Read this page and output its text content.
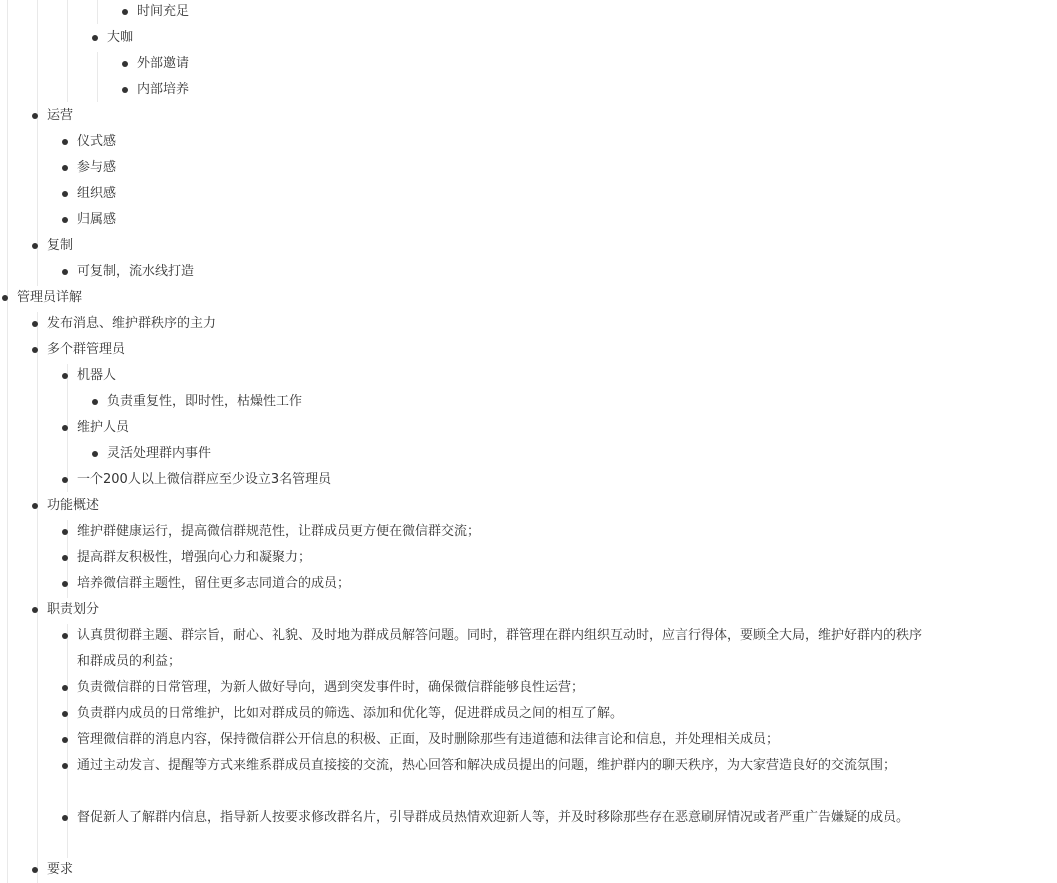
时间充足
大咖
外部邀请
内部培养
运营
仪式感
参与感
组织感
归属感
复制
可复制，流水线打造
管理员详解
发布消息、维护群秩序的主力
多个群管理员
机器人
负责重复性，即时性，枯燥性工作
维护人员
灵活处理群内事件
一个200人以上微信群应至少设立3名管理员
功能概述
维护群健康运行，提高微信群规范性，让群成员更方便在微信群交流；
提高群友积极性，增强向心力和凝聚力；
培养微信群主题性，留住更多志同道合的成员；
职责划分
认真贯彻群主题、群宗旨，耐心、礼貌、及时地为群成员解答问题。同时，群管理在群内组织互动时，应言行得体，要顾全大局，维护好群内的秩序和群成员的利益；
负责微信群的日常管理，为新人做好导向，遇到突发事件时，确保微信群能够良性运营；
负责群内成员的日常维护，比如对群成员的筛选、添加和优化等，促进群成员之间的相互了解。
管理微信群的消息内容，保持微信群公开信息的积极、正面，及时删除那些有违道德和法律言论和信息，并处理相关成员；
通过主动发言、提醒等方式来维系群成员直接接的交流，热心回答和解决成员提出的问题，维护群内的聊天秩序，为大家营造良好的交流氛围；
督促新人了解群内信息，指导新人按要求修改群名片，引导群成员热情欢迎新人等，并及时移除那些存在恶意刷屏情况或者严重广告嫌疑的成员。
要求
